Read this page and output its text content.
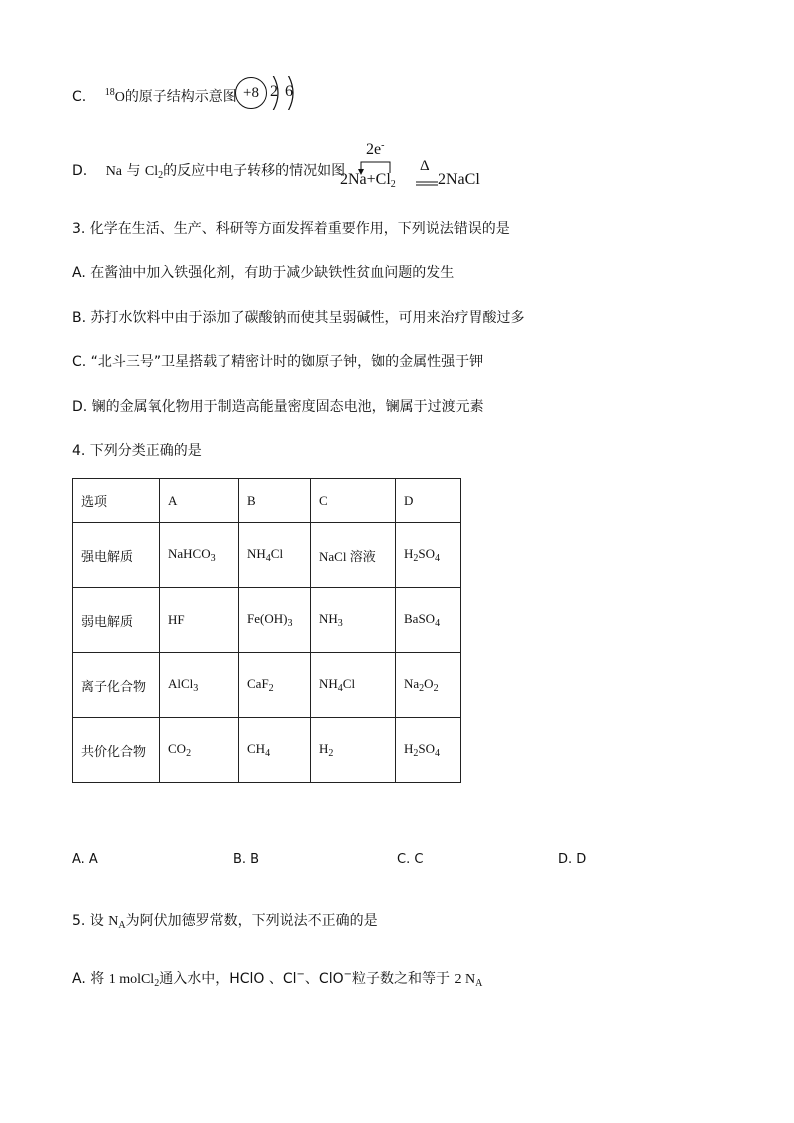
C. $^{18}$O的原子结构示意图 +8 2 6
D. Na 与 $Cl_2$的反应中电子转移的情况如图
2e-
$2Na+Cl_2$
Δ
2NaCl
3. 化学在生活、生产、科研等方面发挥着重要作用，下列说法错误的是
A. 在酱油中加入铁强化剂，有助于减少缺铁性贫血问题的发生
B. 苏打水饮料中由于添加了碳酸钠而使其呈弱碱性，可用来治疗胃酸过多
C. “北斗三号”卫星搭载了精密计时的铷原子钟，铷的金属性强于钾
D. 镧的金属氧化物用于制造高能量密度固态电池，镧属于过渡元素
4. 下列分类正确的是
选项	A	B	C	D
强电解质	NaHCO$_3$	$NH_4Cl$	NaCl 溶液	$H_2SO_4$
弱电解质	HF	$Fe(OH)_3$	$NH_3$	BaSO$_4$
离子化合物	AlCl$_3$	CaF$_2$	$NH_4Cl$	$Na_2O_2$
共价化合物	$CO_2$	$CH_4$	$H_2$	$H_2SO_4$
A. A	B. B	C. C	D. D
5. 设 $N_A$为阿伏加德罗常数，下列说法不正确的是
A. 将 1 molCl$_2$通入水中，HClO 、Cl−、ClO−粒子数之和等于 2 $N_A$
